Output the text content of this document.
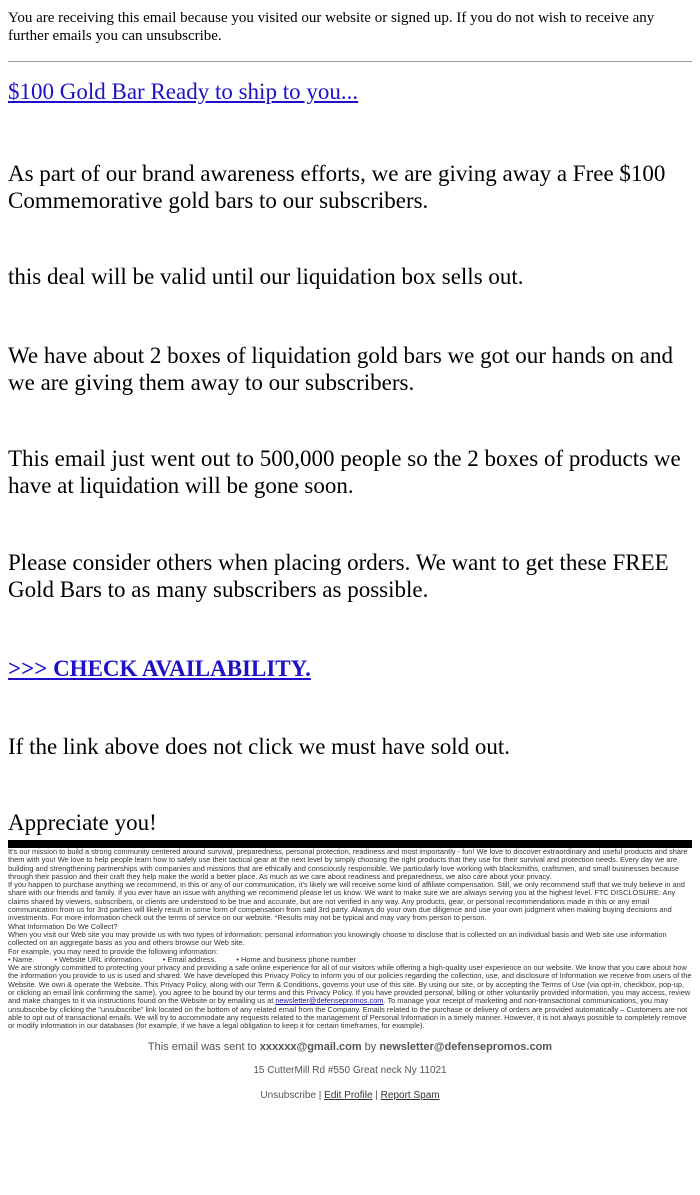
You are receiving this email because you visited our website or signed up. If you do not wish to receive any further emails you can unsubscribe.
$100 Gold Bar Ready to ship to you...
As part of our brand awareness efforts, we are giving away a Free $100 Commemorative gold bars to our subscribers.
this deal will be valid until our liquidation box sells out.
We have about 2 boxes of liquidation gold bars we got our hands on and we are giving them away to our subscribers.
This email just went out to 500,000 people so the 2 boxes of products we have at liquidation will be gone soon.
Please consider others when placing orders. We want to get these FREE Gold Bars to as many subscribers as possible.
>>> CHECK AVAILABILITY.
If the link above does not click we must have sold out.
Appreciate you!

It's our mission to build a strong community centered around survival, preparedness, personal protection, readiness and most importantly - fun! We love to discover extraordinary and useful products and share them with you! We love to help people learn how to safely use their tactical gear at the next level by simply choosing the right products that they use for their survival and protection needs. Every day we are building and strengthening partnerships with companies and missions that are ethically and consciously responsible. We particularly love working with blacksmiths, craftsmen, and small businesses because through their passion and their craft they help make the world a better place. As much as we care about readiness and preparedness, we also care about your privacy.

If you happen to purchase anything we recommend, in this or any of our communication, it's likely we will receive some kind of affiliate compensation. Still, we only recommend stuff that we truly believe in and share with our friends and family. If you ever have an issue with anything we recommend please let us know. We want to make sure we are always serving you at the highest level. FTC DISCLOSURE: Any claims shared by viewers, subscribers, or clients are understood to be true and accurate, but are not verified in any way. Any products, gear, or personal recommendations made in this or any email communication from us for 3rd parties will likely result in some form of compensation from said 3rd party. Always do your own due diligence and use your own judgment when making buying decisions and investments. For more information check out the terms of service on our website. *Results may not be typical and may vary from person to person.

What Information Do We Collect?

When you visit our Web site you may provide us with two types of information: personal information you knowingly choose to disclose that is collected on an individual basis and Web site use information collected on an aggregate basis as you and others browse our Web site.

For example, you may need to provide the following information:

• Name.	• Website URL information.	• Email address.	• Home and business phone number

We are strongly committed to protecting your privacy and providing a safe online experience for all of our visitors while offering a high-quality user experience on our website. We know that you care about how the information you provide to us is used and shared. We have developed this Privacy Policy to inform you of our policies regarding the collection, use, and disclosure of Information we receive from users of the Website. We own & operate the Website. This Privacy Policy, along with our Term & Conditions, governs your use of this site. By using our site, or by accepting the Terms of Use (via opt-in, checkbox, pop-up, or clicking an email link confirming the same), you agree to be bound by our terms and this Privacy Policy. If you have provided personal, billing or other voluntarily provided information, you may access, review and make changes to it via instructions found on the Website or by emailing us at newsletter@defensepromos.com. To manage your receipt of marketing and non-transactional communications, you may unsubscribe by clicking the "unsubscribe" link located on the bottom of any related email from the Company. Emails related to the purchase or delivery of orders are provided automatically – Customers are not able to opt out of transactional emails. We will try to accommodate any requests related to the management of Personal Information in a timely manner. However, it is not always possible to completely remove or modify information in our databases (for example, if we have a legal obligation to keep it for certain timeframes, for example).

This email was sent to xxxxxx@gmail.com by newsletter@defensepromos.com
15 CutterMill Rd #550 Great neck Ny 11021
Unsubscribe | Edit Profile | Report Spam
